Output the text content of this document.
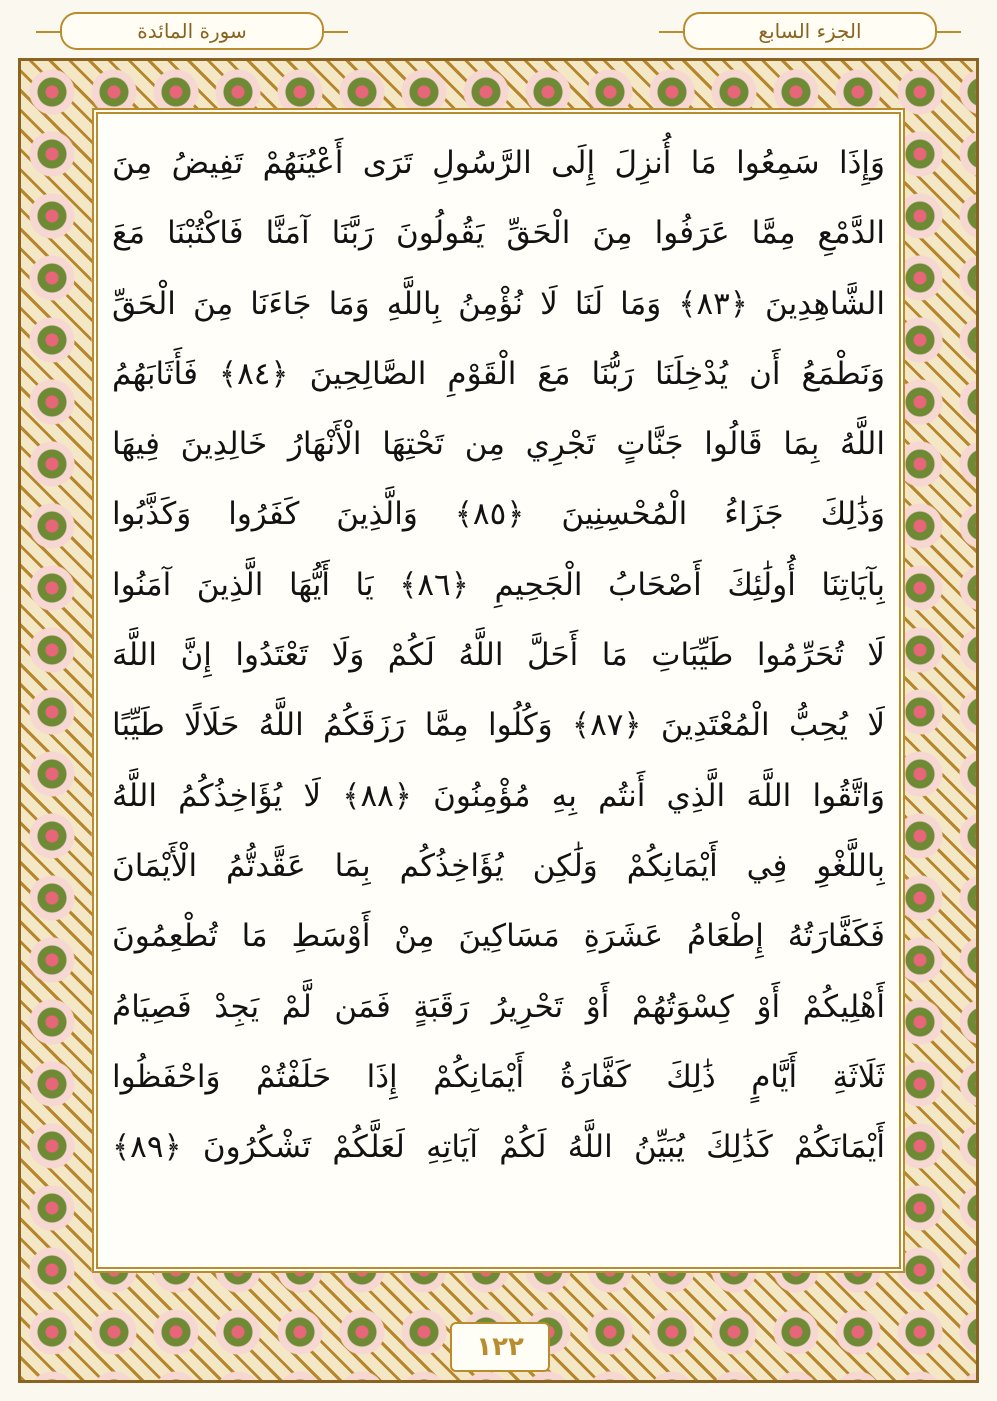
الجزء السابع
سورة المائدة
وَإِذَا سَمِعُوا مَا أُنزِلَ إِلَى الرَّسُولِ تَرَى أَعْيُنَهُمْ تَفِيضُ مِنَ
الدَّمْعِ مِمَّا عَرَفُوا مِنَ الْحَقِّ يَقُولُونَ رَبَّنَا آمَنَّا فَاكْتُبْنَا مَعَ
الشَّاهِدِينَ ﴿٨٣﴾ وَمَا لَنَا لَا نُؤْمِنُ بِاللَّهِ وَمَا جَاءَنَا مِنَ الْحَقِّ
وَنَطْمَعُ أَن يُدْخِلَنَا رَبُّنَا مَعَ الْقَوْمِ الصَّالِحِينَ ﴿٨٤﴾ فَأَثَابَهُمُ
اللَّهُ بِمَا قَالُوا جَنَّاتٍ تَجْرِي مِن تَحْتِهَا الْأَنْهَارُ خَالِدِينَ فِيهَا
وَذَٰلِكَ جَزَاءُ الْمُحْسِنِينَ ﴿٨٥﴾ وَالَّذِينَ كَفَرُوا وَكَذَّبُوا
بِآيَاتِنَا أُولَٰئِكَ أَصْحَابُ الْجَحِيمِ ﴿٨٦﴾ يَا أَيُّهَا الَّذِينَ آمَنُوا
لَا تُحَرِّمُوا طَيِّبَاتِ مَا أَحَلَّ اللَّهُ لَكُمْ وَلَا تَعْتَدُوا إِنَّ اللَّهَ
لَا يُحِبُّ الْمُعْتَدِينَ ﴿٨٧﴾ وَكُلُوا مِمَّا رَزَقَكُمُ اللَّهُ حَلَالًا طَيِّبًا
وَاتَّقُوا اللَّهَ الَّذِي أَنتُم بِهِ مُؤْمِنُونَ ﴿٨٨﴾ لَا يُؤَاخِذُكُمُ اللَّهُ
بِاللَّغْوِ فِي أَيْمَانِكُمْ وَلَٰكِن يُؤَاخِذُكُم بِمَا عَقَّدتُّمُ الْأَيْمَانَ
فَكَفَّارَتُهُ إِطْعَامُ عَشَرَةِ مَسَاكِينَ مِنْ أَوْسَطِ مَا تُطْعِمُونَ
أَهْلِيكُمْ أَوْ كِسْوَتُهُمْ أَوْ تَحْرِيرُ رَقَبَةٍ فَمَن لَّمْ يَجِدْ فَصِيَامُ
ثَلَاثَةِ أَيَّامٍ ذَٰلِكَ كَفَّارَةُ أَيْمَانِكُمْ إِذَا حَلَفْتُمْ وَاحْفَظُوا
أَيْمَانَكُمْ كَذَٰلِكَ يُبَيِّنُ اللَّهُ لَكُمْ آيَاتِهِ لَعَلَّكُمْ تَشْكُرُونَ ﴿٨٩﴾
١٢٢
